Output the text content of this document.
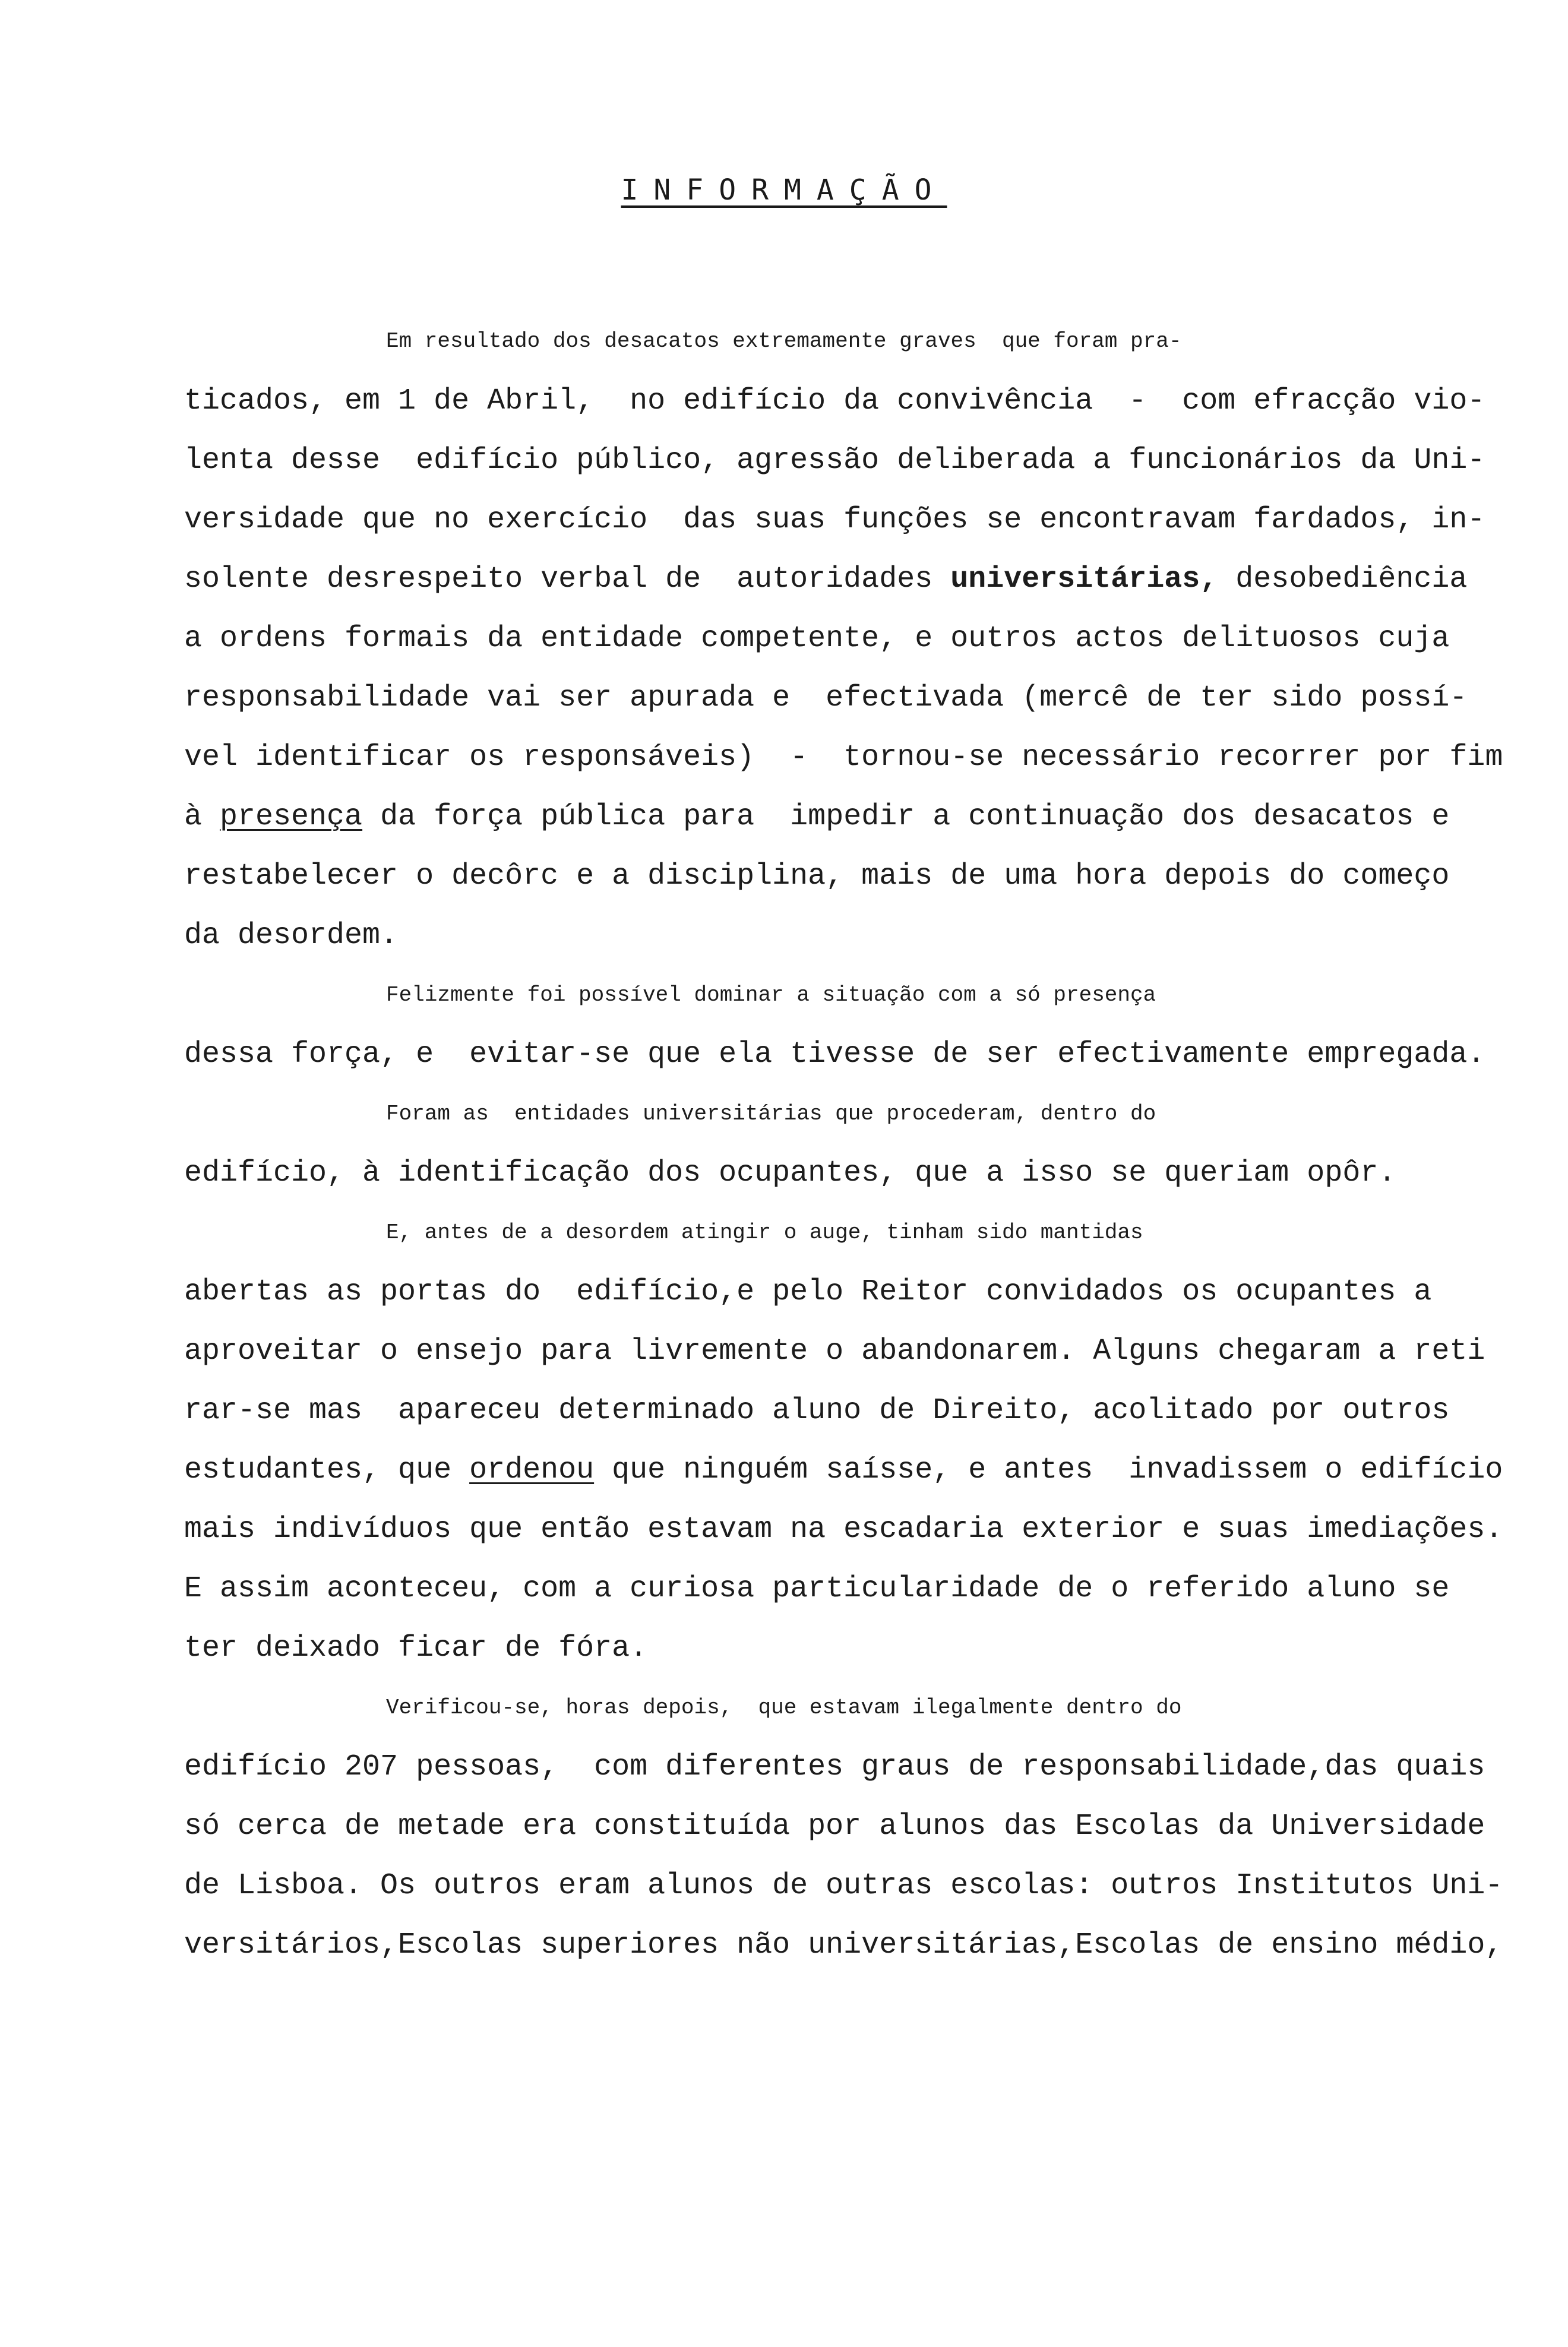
INFORMAÇÃO
Em resultado dos desacatos extremamente graves  que foram pra-
ticados, em 1 de Abril,  no edifício da convivência  -  com efracção vio-
lenta desse  edifício público, agressão deliberada a funcionários da Uni-
versidade que no exercício  das suas funções se encontravam fardados, in-
solente desrespeito verbal de  autoridades universitárias, desobediência
a ordens formais da entidade competente, e outros actos delituosos cuja
responsabilidade vai ser apurada e  efectivada (mercê de ter sido possí-
vel identificar os responsáveis)  -  tornou-se necessário recorrer por fim
à presença da força pública para  impedir a continuação dos desacatos e
restabelecer o decôrc e a disciplina, mais de uma hora depois do começo
da desordem.
Felizmente foi possível dominar a situação com a só presença
dessa força, e  evitar-se que ela tivesse de ser efectivamente empregada.
Foram as  entidades universitárias que procederam, dentro do
edifício, à identificação dos ocupantes, que a isso se queriam opôr.
E, antes de a desordem atingir o auge, tinham sido mantidas
abertas as portas do  edifício,e pelo Reitor convidados os ocupantes a
aproveitar o ensejo para livremente o abandonarem. Alguns chegaram a reti
rar-se mas  apareceu determinado aluno de Direito, acolitado por outros
estudantes, que ordenou que ninguém saísse, e antes  invadissem o edifício
mais indivíduos que então estavam na escadaria exterior e suas imediações.
E assim aconteceu, com a curiosa particularidade de o referido aluno se
ter deixado ficar de fóra.
Verificou-se, horas depois,  que estavam ilegalmente dentro do
edifício 207 pessoas,  com diferentes graus de responsabilidade,das quais
só cerca de metade era constituída por alunos das Escolas da Universidade
de Lisboa. Os outros eram alunos de outras escolas: outros Institutos Uni-
versitários,Escolas superiores não universitárias,Escolas de ensino médio,
